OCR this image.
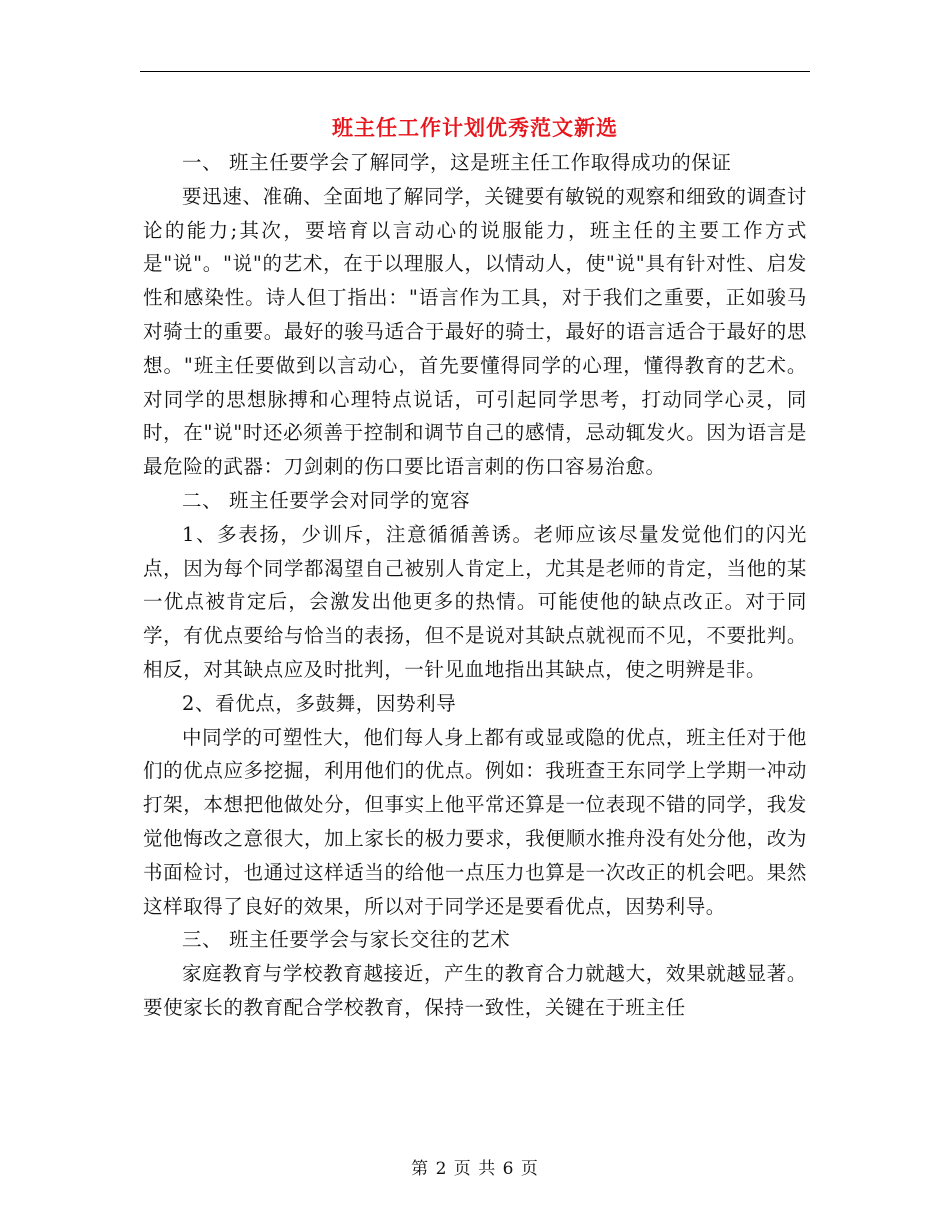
班主任工作计划优秀范文新选

一、 班主任要学会了解同学，这是班主任工作取得成功的保证

要迅速、准确、全面地了解同学，关键要有敏锐的观察和细致的调查讨论的能力;其次，要培育以言动心的说服能力，班主任的主要工作方式是"说"。"说"的艺术，在于以理服人，以情动人，使"说"具有针对性、启发性和感染性。诗人但丁指出："语言作为工具，对于我们之重要，正如骏马对骑士的重要。最好的骏马适合于最好的骑士，最好的语言适合于最好的思想。"班主任要做到以言动心，首先要懂得同学的心理，懂得教育的艺术。对同学的思想脉搏和心理特点说话，可引起同学思考，打动同学心灵，同时，在"说"时还必须善于控制和调节自己的感情，忌动辄发火。因为语言是最危险的武器：刀剑刺的伤口要比语言刺的伤口容易治愈。

二、 班主任要学会对同学的宽容

1、多表扬，少训斥，注意循循善诱。老师应该尽量发觉他们的闪光点，因为每个同学都渴望自己被别人肯定上，尤其是老师的肯定，当他的某一优点被肯定后，会激发出他更多的热情。可能使他的缺点改正。对于同学，有优点要给与恰当的表扬，但不是说对其缺点就视而不见，不要批判。相反，对其缺点应及时批判，一针见血地指出其缺点，使之明辨是非。

2、看优点，多鼓舞，因势利导

中同学的可塑性大，他们每人身上都有或显或隐的优点，班主任对于他们的优点应多挖掘，利用他们的优点。例如：我班查王东同学上学期一冲动打架，本想把他做处分，但事实上他平常还算是一位表现不错的同学，我发觉他悔改之意很大，加上家长的极力要求，我便顺水推舟没有处分他，改为书面检讨，也通过这样适当的给他一点压力也算是一次改正的机会吧。果然这样取得了良好的效果，所以对于同学还是要看优点，因势利导。

三、 班主任要学会与家长交往的艺术

家庭教育与学校教育越接近，产生的教育合力就越大，效果就越显著。要使家长的教育配合学校教育，保持一致性，关键在于班主任

第 2 页 共 6 页
